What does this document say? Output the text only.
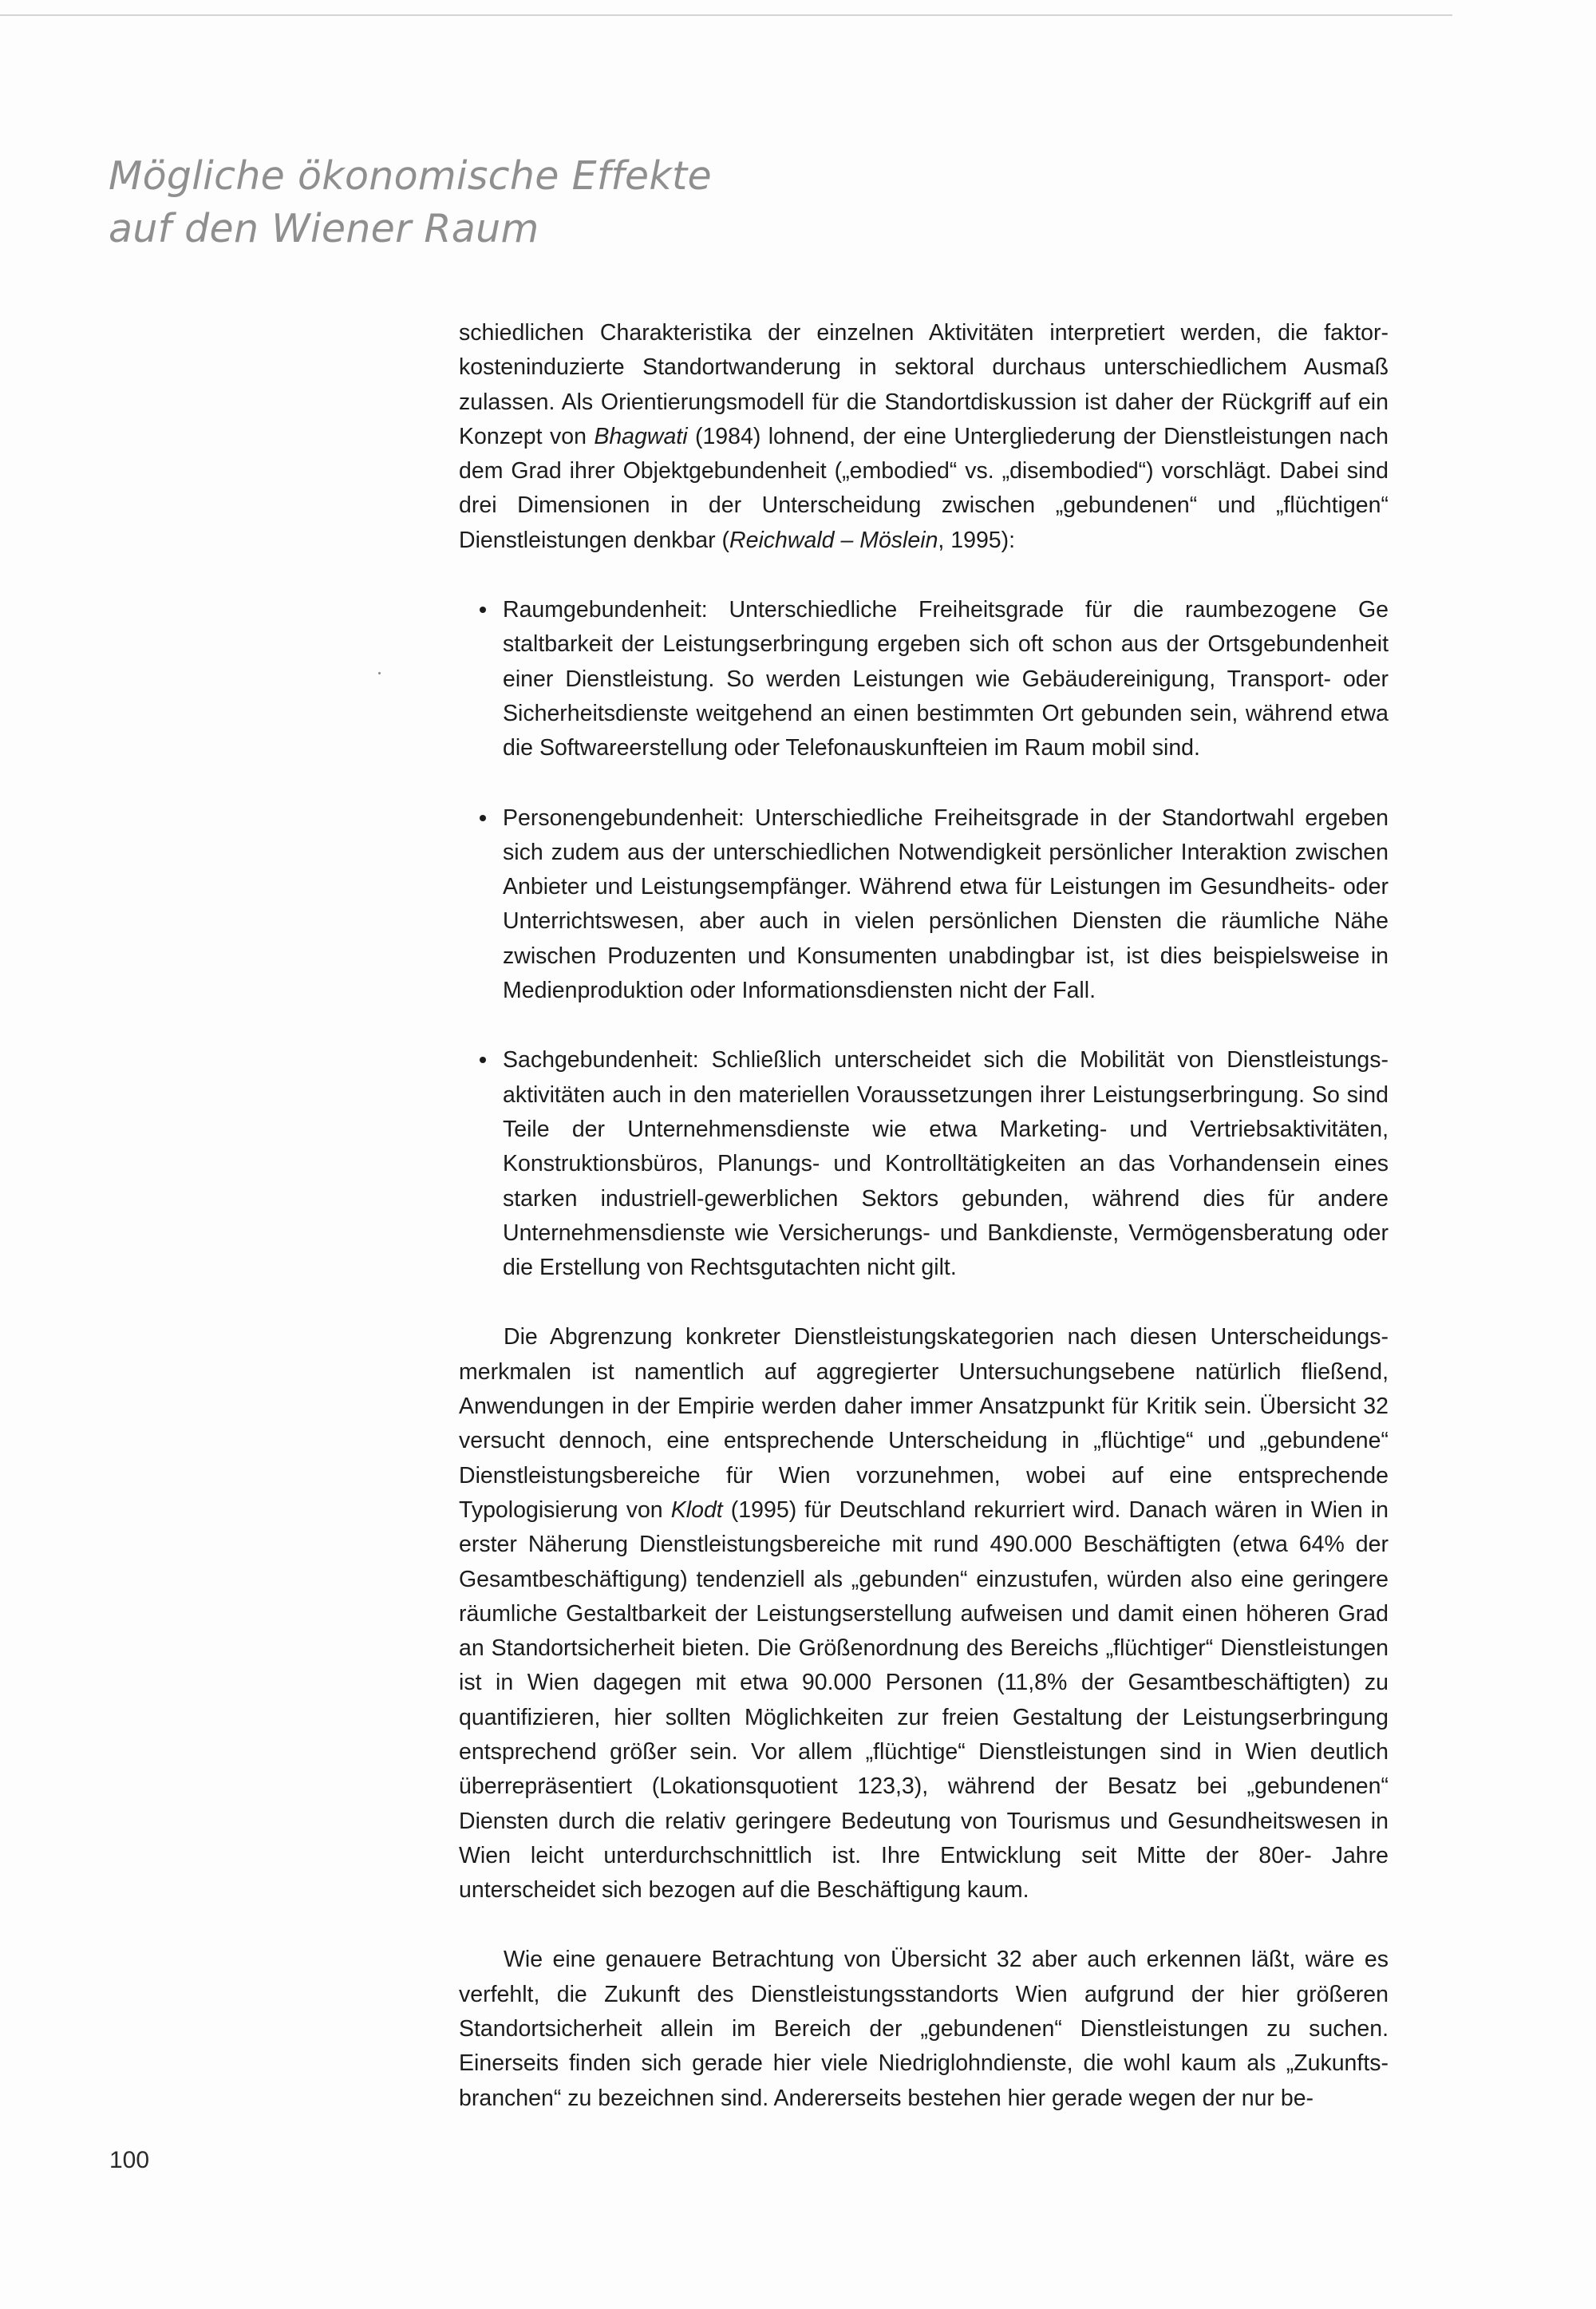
Mögliche ökonomische Effekte
auf den Wiener Raum

schiedlichen Charakteristika der einzelnen Aktivitäten interpretiert werden, die faktorkosteninduzierte Standortwanderung in sektoral durchaus unterschiedlichem Ausmaß zulassen. Als Orientierungsmodell für die Standortdiskussion ist daher der Rückgriff auf ein Konzept von Bhagwati (1984) lohnend, der eine Untergliederung der Dienstleistungen nach dem Grad ihrer Objektgebundenheit („embodied“ vs. „disembodied“) vorschlägt. Dabei sind drei Dimensionen in der Unterscheidung zwischen „gebundenen“ und „flüchtigen“ Dienstleistungen denkbar (Reichwald – Möslein, 1995):

Raumgebundenheit: Unterschiedliche Freiheitsgrade für die raumbezogene Ge staltbarkeit der Leistungserbringung ergeben sich oft schon aus der Ortsgebundenheit einer Dienstleistung. So werden Leistungen wie Gebäudereinigung, Transport- oder Sicherheitsdienste weitgehend an einen bestimmten Ort gebunden sein, während etwa die Softwareerstellung oder Telefonauskunfteien im Raum mobil sind.
Personengebundenheit: Unterschiedliche Freiheitsgrade in der Standortwahl ergeben sich zudem aus der unterschiedlichen Notwendigkeit persönlicher Interaktion zwischen Anbieter und Leistungsempfänger. Während etwa für Leistungen im Gesundheits- oder Unterrichtswesen, aber auch in vielen persönlichen Diensten die räumliche Nähe zwischen Produzenten und Konsumenten unabdingbar ist, ist dies beispielsweise in Medienproduktion oder Informationsdiensten nicht der Fall.
Sachgebundenheit: Schließlich unterscheidet sich die Mobilität von Dienstleistungsaktivitäten auch in den materiellen Voraussetzungen ihrer Leistungserbringung. So sind Teile der Unternehmensdienste wie etwa Marketing- und Vertriebsaktivitäten, Konstruktionsbüros, Planungs- und Kontrolltätigkeiten an das Vorhandensein eines starken industriell-gewerblichen Sektors gebunden, während dies für andere Unternehmensdienste wie Versicherungs- und Bankdienste, Vermögensberatung oder die Erstellung von Rechtsgutachten nicht gilt.

Die Abgrenzung konkreter Dienstleistungskategorien nach diesen Unterscheidungsmerkmalen ist namentlich auf aggregierter Untersuchungsebene natürlich fließend, Anwendungen in der Empirie werden daher immer Ansatzpunkt für Kritik sein. Übersicht 32 versucht dennoch, eine entsprechende Unterscheidung in „flüchtige“ und „gebundene“ Dienstleistungsbereiche für Wien vorzunehmen, wobei auf eine entsprechende Typologisierung von Klodt (1995) für Deutschland rekurriert wird. Danach wären in Wien in erster Näherung Dienstleistungsbereiche mit rund 490.000 Beschäftigten (etwa 64% der Gesamtbeschäftigung) tendenziell als „gebunden“ einzustufen, würden also eine geringere räumliche Gestaltbarkeit der Leistungserstellung aufweisen und damit einen höheren Grad an Standortsicherheit bieten. Die Größenordnung des Bereichs „flüchtiger“ Dienstleistungen ist in Wien dagegen mit etwa 90.000 Personen (11,8% der Gesamtbeschäftigten) zu quantifizieren, hier sollten Möglichkeiten zur freien Gestaltung der Leistungserbringung entsprechend größer sein. Vor allem „flüchtige“ Dienstleistungen sind in Wien deutlich überrepräsentiert (Lokationsquotient 123,3), während der Besatz bei „gebundenen“ Diensten durch die relativ geringere Bedeutung von Tourismus und Gesundheitswesen in Wien leicht unterdurchschnittlich ist. Ihre Entwicklung seit Mitte der 80er- Jahre unterscheidet sich bezogen auf die Beschäftigung kaum.

Wie eine genauere Betrachtung von Übersicht 32 aber auch erkennen läßt, wäre es verfehlt, die Zukunft des Dienstleistungsstandorts Wien aufgrund der hier größeren Standortsicherheit allein im Bereich der „gebundenen“ Dienstleistungen zu suchen. Einerseits finden sich gerade hier viele Niedriglohndienste, die wohl kaum als „Zukunftsbranchen“ zu bezeichnen sind. Andererseits bestehen hier gerade wegen der nur be-

100
